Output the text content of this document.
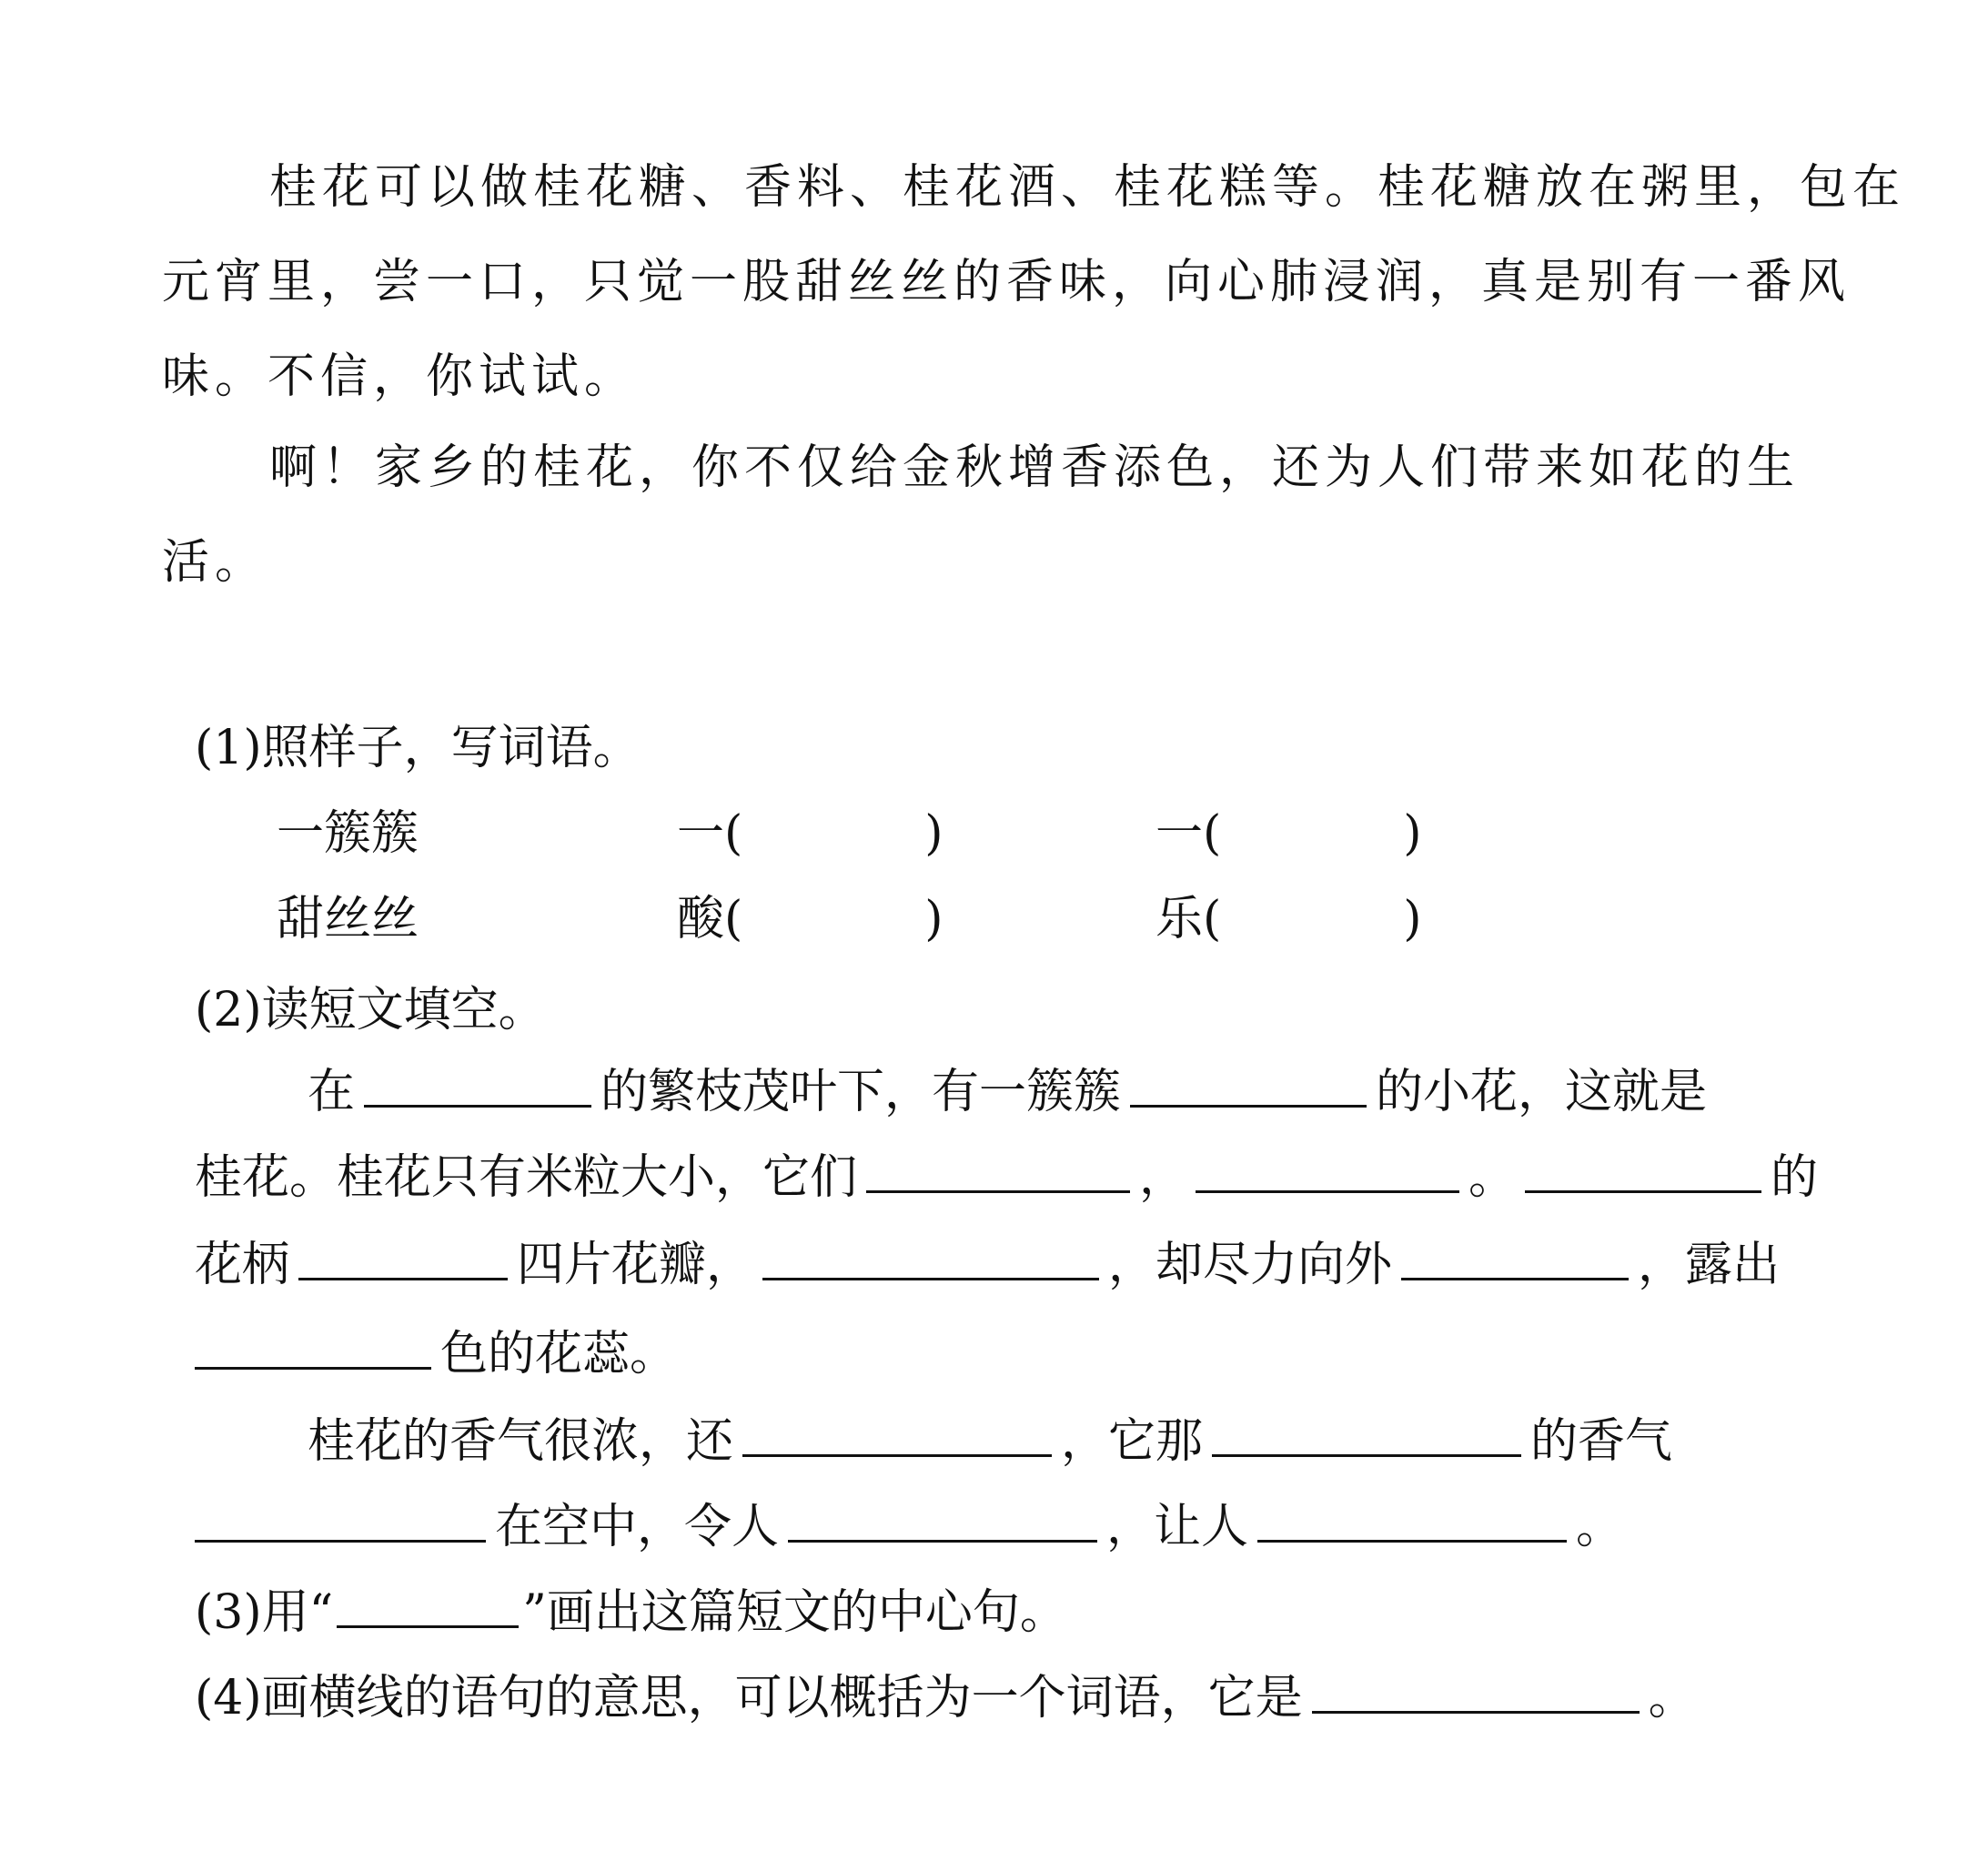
桂花可以做桂花糖、香料、桂花酒、桂花糕等。桂花糖放在粥里，包在
元宵里，尝一口，只觉一股甜丝丝的香味，向心肺浸润，真是别有一番风
味。不信，你试试。
啊！家乡的桂花，你不仅给金秋增香添色，还为人们带来如花的生
活。
(1)照样子，写词语。
一簇簇	一(	)	一(	)
甜丝丝	酸(	)	乐(	)
(2)读短文填空。
在	的繁枝茂叶下，有一簇簇	的小花，这就是
桂花。桂花只有米粒大小，它们	，	。	的
花柄	四片花瓣，	，却尽力向外	，露出
色的花蕊。
桂花的香气很浓，还	，它那	的香气
在空中，令人	，让人	。
(3)用“	”画出这篇短文的中心句。
(4)画横线的语句的意思，可以概括为一个词语，它是	。
